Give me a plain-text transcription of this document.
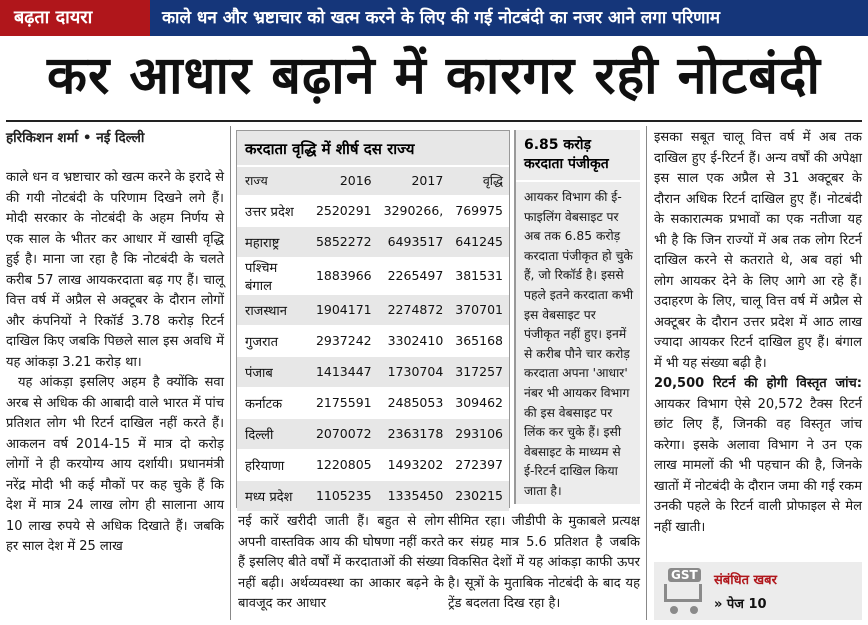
बढ़ता दायरा	काले धन और भ्रष्टाचार को खत्म करने के लिए की गई नोटबंदी का नजर आने लगा परिणाम
कर आधार बढ़ाने में कारगर रही नोटबंदी
हरिकिशन शर्मा • नई दिल्ली

काले धन व भ्रष्टाचार को खत्म करने के इरादे से की गयी नोटबंदी के परिणाम दिखने लगे हैं। मोदी सरकार के नोटबंदी के अहम निर्णय से एक साल के भीतर कर आधार में खासी वृद्धि हुई है। माना जा रहा है कि नोटबंदी के चलते करीब 57 लाख आयकरदाता बढ़ गए हैं। चालू वित्त वर्ष में अप्रैल से अक्टूबर के दौरान लोगों और कंपनियों ने रिकॉर्ड 3.78 करोड़ रिटर्न दाखिल किए जबकि पिछले साल इस अवधि में यह आंकड़ा 3.21 करोड़ था।

यह आंकड़ा इसलिए अहम है क्योंकि सवा अरब से अधिक की आबादी वाले भारत में पांच प्रतिशत लोग भी रिटर्न दाखिल नहीं करते हैं। आकलन वर्ष 2014-15 में मात्र दो करोड़ लोगों ने ही करयोग्य आय दर्शायी। प्रधानमंत्री नरेंद्र मोदी भी कई मौकों पर कह चुके हैं कि देश में मात्र 24 लाख लोग ही सालाना आय 10 लाख रुपये से अधिक दिखाते हैं। जबकि हर साल देश में 25 लाख

करदाता वृद्धि में शीर्ष दस राज्य
राज्य	2016	2017	वृद्धि
उत्तर प्रदेश	2520291	3290266,	769975
महाराष्ट्र	5852272	6493517	641245
पश्चिम बंगाल	1883966	2265497	381531
राजस्थान	1904171	2274872	370701
गुजरात	2937242	3302410	365168
पंजाब	1413447	1730704	317257
कर्नाटक	2175591	2485053	309462
दिल्ली	2070072	2363178	293106
हरियाणा	1220805	1493202	272397
मध्य प्रदेश	1105235	1335450	230215
6.85 करोड़
करदाता पंजीकृत
आयकर विभाग की ई-फाइलिंग वेबसाइट पर अब तक 6.85 करोड़ करदाता पंजीकृत हो चुके हैं, जो रिकॉर्ड है। इससे पहले इतने करदाता कभी इस वेबसाइट पर पंजीकृत नहीं हुए। इनमें से करीब पौने चार करोड़ करदाता अपना 'आधार' नंबर भी आयकर विभाग की इस वेबसाइट पर लिंक कर चुके हैं। इसी वेबसाइट के माध्यम से ई-रिटर्न दाखिल किया जाता है।
नई कारें खरीदी जाती हैं। बहुत से लोग अपनी वास्तविक आय की घोषणा नहीं करते हैं इसलिए बीते वर्षों में करदाताओं की संख्या नहीं बढ़ी। अर्थव्यवस्था का आकार बढ़ने के बावजूद कर आधार
सीमित रहा। जीडीपी के मुकाबले प्रत्यक्ष कर संग्रह मात्र 5.6 प्रतिशत है जबकि विकसित देशों में यह आंकड़ा काफी ऊपर है। सूत्रों के मुताबिक नोटबंदी के बाद यह ट्रेंड बदलता दिख रहा है।

इसका सबूत चालू वित्त वर्ष में अब तक दाखिल हुए ई-रिटर्न हैं। अन्य वर्षों की अपेक्षा इस साल एक अप्रैल से 31 अक्टूबर के दौरान अधिक रिटर्न दाखिल हुए हैं। नोटबंदी के सकारात्मक प्रभावों का एक नतीजा यह भी है कि जिन राज्यों में अब तक लोग रिटर्न दाखिल करने से कतराते थे, अब वहां भी लोग आयकर देने के लिए आगे आ रहे हैं। उदाहरण के लिए, चालू वित्त वर्ष में अप्रैल से अक्टूबर के दौरान उत्तर प्रदेश में आठ लाख ज्यादा आयकर रिटर्न दाखिल हुए हैं। बंगाल में भी यह संख्या बढ़ी है।

20,500 रिटर्न की होगी विस्तृत जांच: आयकर विभाग ऐसे 20,572 टैक्स रिटर्न छांट लिए हैं, जिनकी वह विस्तृत जांच करेगा। इसके अलावा विभाग ने उन एक लाख मामलों की भी पहचान की है, जिनके खातों में नोटबंदी के दौरान जमा की गई रकम उनकी पहले के रिटर्न वाली प्रोफाइल से मेल नहीं खाती।

GST संबंधित खबर
» पेज 10
